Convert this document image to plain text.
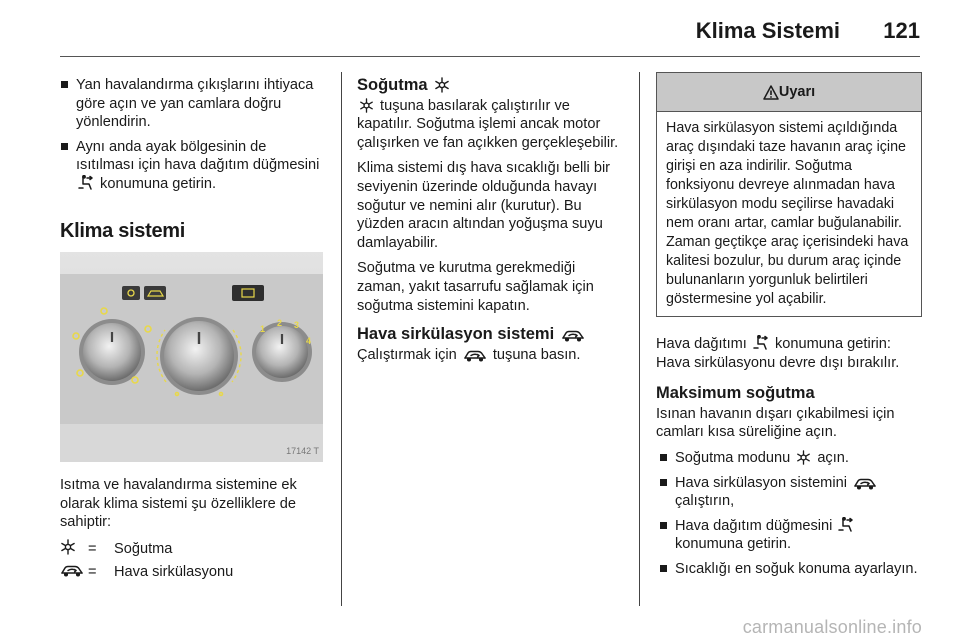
Klima Sistemi 121
Yan havalandırma çıkışlarını ihtiyaca göre açın ve yan camlara doğru yönlendirin.
Aynı anda ayak bölgesinin de ısıtılması için hava dağıtım düğmesini  konumuna getirin.
Klima sistemi
1
2 3
4
17142 T

Isıtma ve havalandırma sistemine ek olarak klima sistemi şu özelliklere de sahiptir:

=	Soğutma
=	Hava sirkülasyonu
Soğutma

tuşuna basılarak çalıştırılır ve kapatılır. Soğutma işlemi ancak motor çalışırken ve fan açıkken gerçekleşebilir.

Klima sistemi dış hava sıcaklığı belli bir seviyenin üzerinde olduğunda havayı soğutur ve nemini alır (kurutur). Bu yüzden aracın altından yoğuşma suyu damlayabilir.

Soğutma ve kurutma gerekmediği zaman, yakıt tasarrufu sağlamak için soğutma sistemini kapatın.

Hava sirkülasyon sistemi

Çalıştırmak için  tuşuna basın.

Uyarı
Hava sirkülasyon sistemi açıldığında araç dışındaki taze havanın araç içine girişi en aza indirilir. Soğutma fonksiyonu devreye alınmadan hava sirkülasyon modu seçilirse havadaki nem oranı artar, camlar buğulanabilir. Zaman geçtikçe araç içerisindeki hava kalitesi bozulur, bu durum araç içinde bulunanların yorgunluk belirtileri göstermesine yol açabilir.

Hava dağıtımı  konumuna getirin: Hava sirkülasyonu devre dışı bırakılır.

Maksimum soğutma

Isınan havanın dışarı çıkabilmesi için camları kısa süreliğine açın.

Soğutma modunu  açın.
Hava sirkülasyon sistemini  çalıştırın,
Hava dağıtım düğmesini  konumuna getirin.
Sıcaklığı en soğuk konuma ayarlayın.
carmanualsonline.info
